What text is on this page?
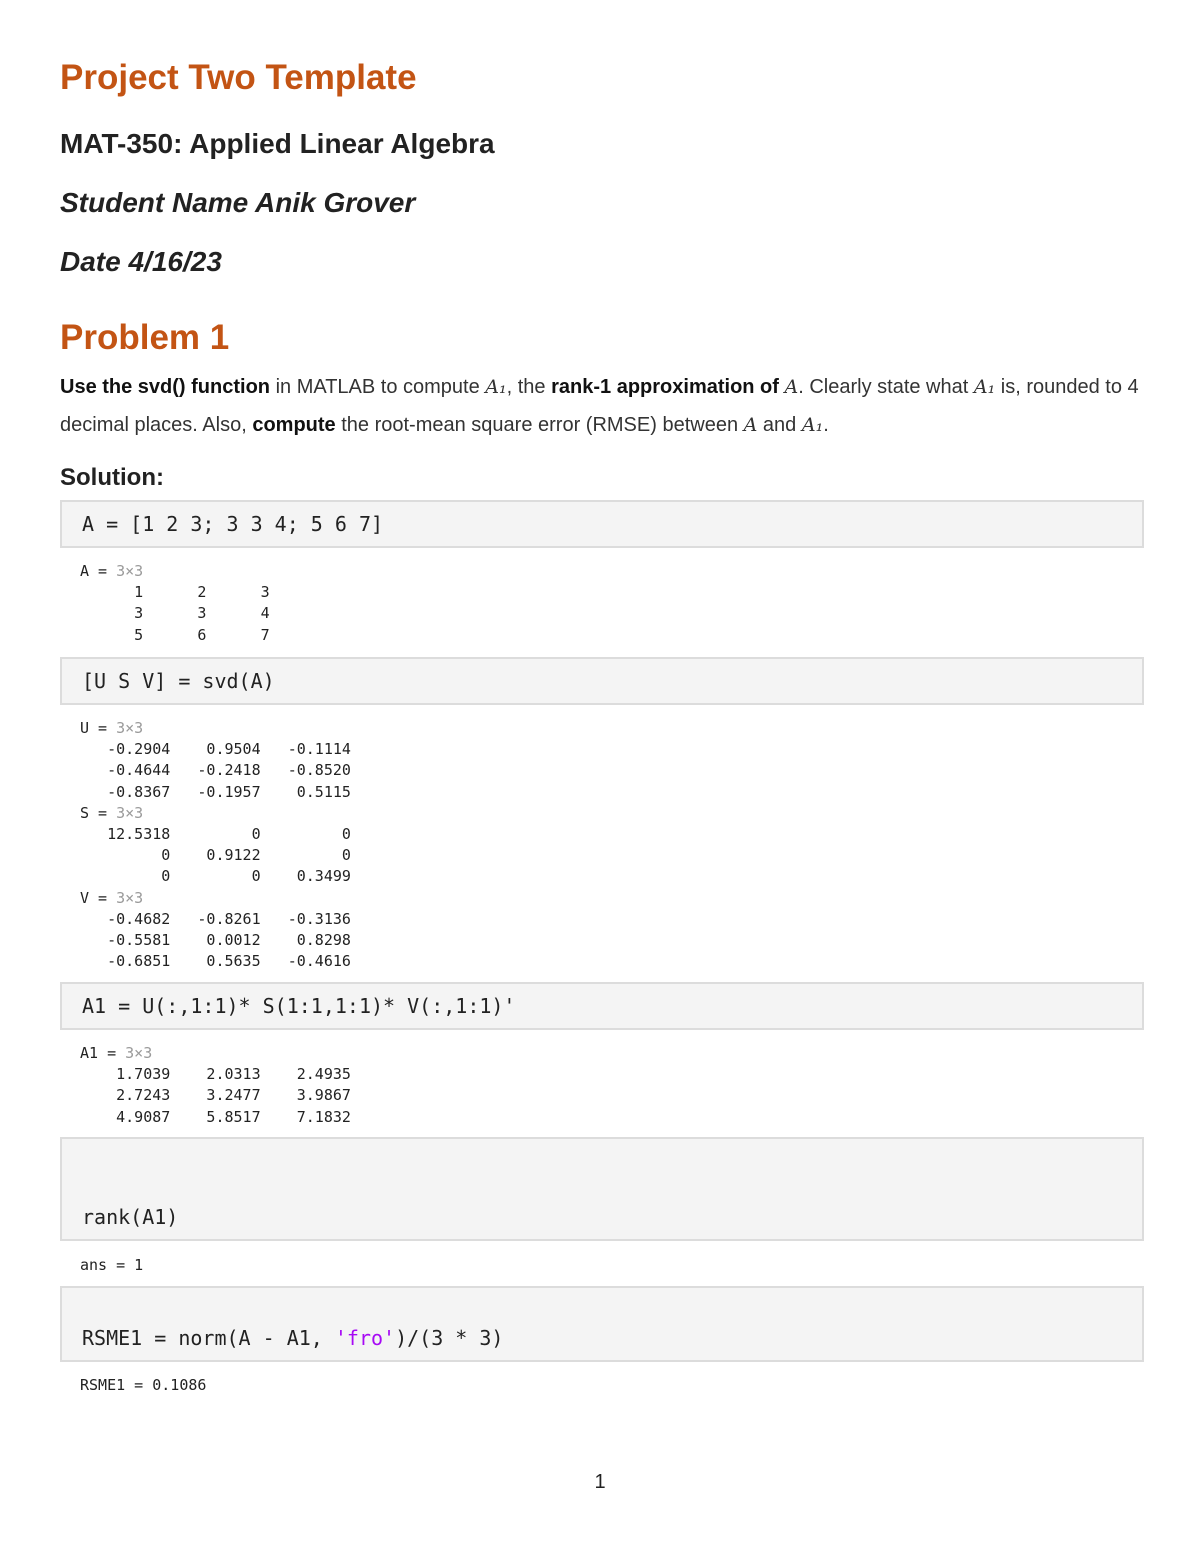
Project Two Template
MAT-350: Applied Linear Algebra
Student Name Anik Grover
Date 4/16/23
Problem 1

Use the svd() function in MATLAB to compute A₁, the rank-1 approximation of A. Clearly state what A₁ is, rounded to 4 decimal places. Also, compute the root-mean square error (RMSE) between A and A₁.

Solution:
A = [1 2 3; 3 3 4; 5 6 7]
A = 3×3
1      2      3
3      3      4
5      6      7
[U S V] = svd(A)
U = 3×3
-0.2904    0.9504   -0.1114
-0.4644   -0.2418   -0.8520
-0.8367   -0.1957    0.5115
S = 3×3
12.5318         0         0
0    0.9122         0
0         0    0.3499
V = 3×3
-0.4682   -0.8261   -0.3136
-0.5581    0.0012    0.8298
-0.6851    0.5635   -0.4616
A1 = U(:,1:1)* S(1:1,1:1)* V(:,1:1)'
A1 = 3×3
1.7039    2.0313    2.4935
2.7243    3.2477    3.9867
4.9087    5.8517    7.1832
rank(A1)
ans = 1
RSME1 = norm(A - A1, 'fro')/(3 * 3)
RSME1 = 0.1086
1
